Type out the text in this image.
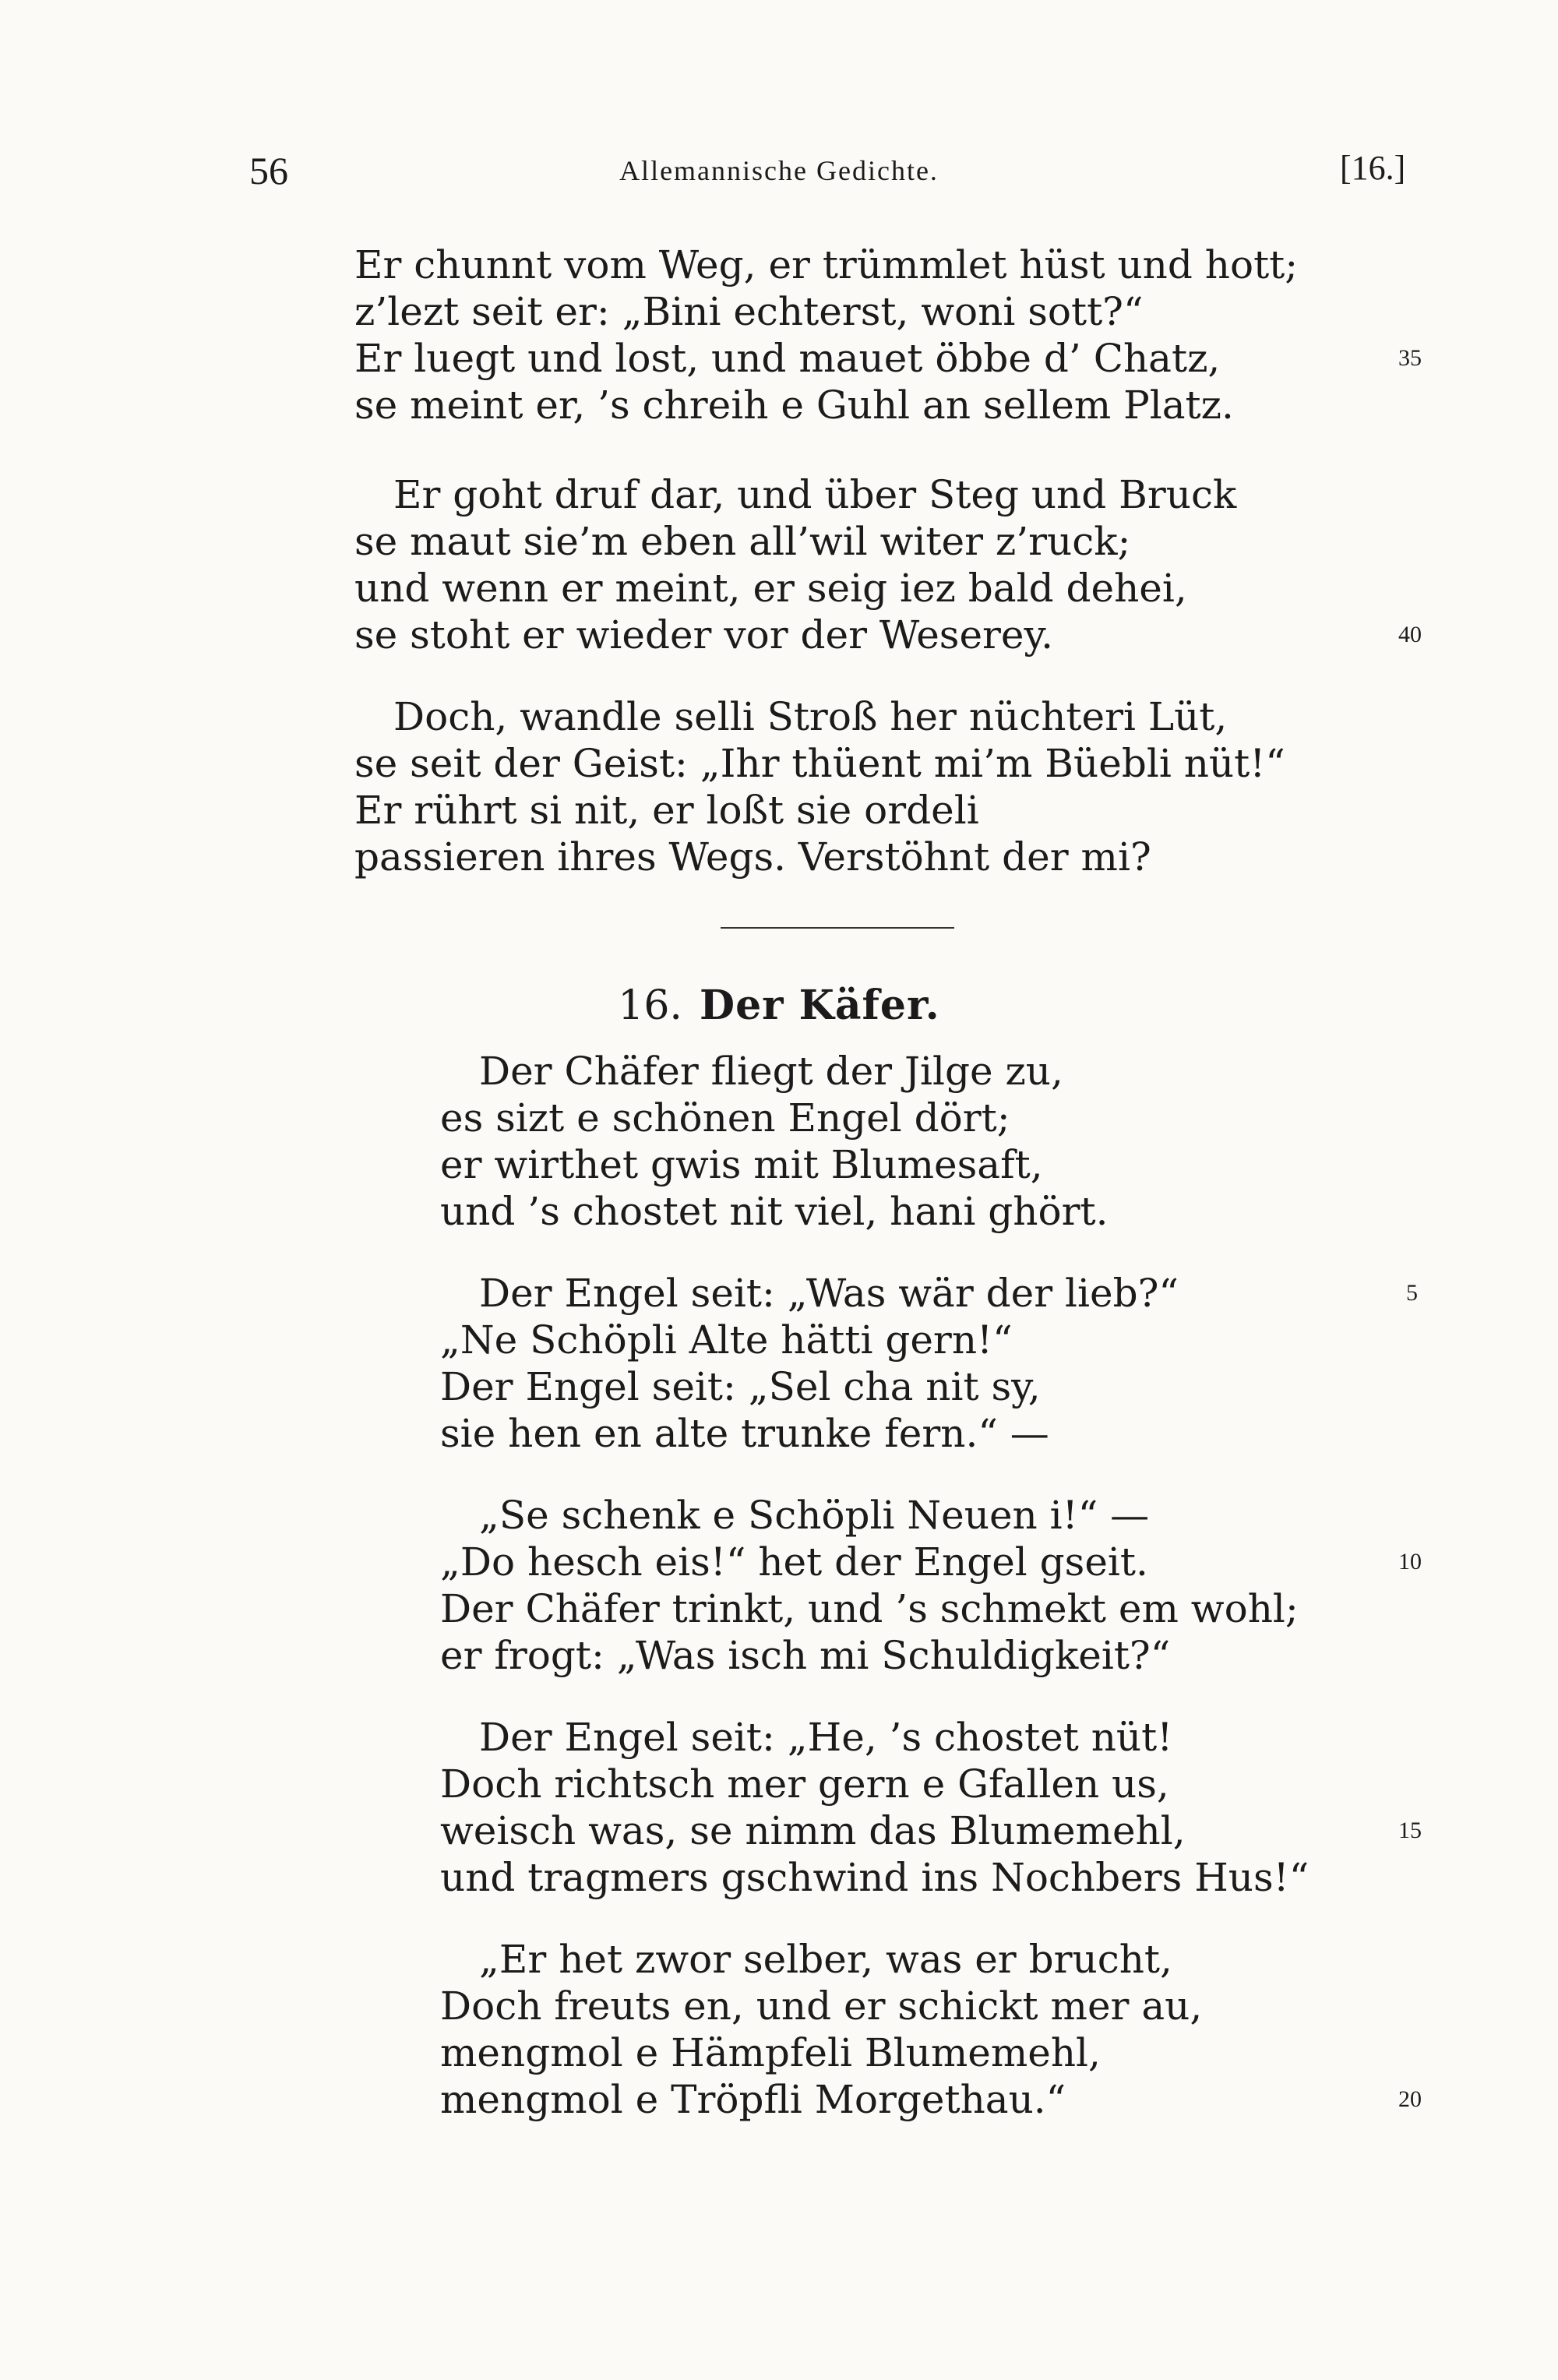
56	Allemannische Gedichte.	[16.]
Er chunnt vom Weg, er trümmlet hüst und hott;
z’lezt seit er: „Bini echterst, woni sott?“
Er luegt und lost, und mauet öbbe d’ Chatz,
se meint er, ’s chreih e Guhl an sellem Platz.
35
Er goht druf dar, und über Steg und Bruck
se maut sie’m eben all’wil witer z’ruck;
und wenn er meint, er seig iez bald dehei,
se stoht er wieder vor der Weserey.	40
Doch, wandle selli Stroß her nüchteri Lüt,
se seit der Geist: „Ihr thüent mi’m Büebli nüt!“
Er rührt si nit, er loßt sie ordeli
passieren ihres Wegs. Verstöhnt der mi?
16. Der Käfer.
Der Chäfer fliegt der Jilge zu,
es sizt e schönen Engel dört;
er wirthet gwis mit Blumesaft,
und ’s chostet nit viel, hani ghört.
Der Engel seit: „Was wär der lieb?“
„Ne Schöpli Alte hätti gern!“
Der Engel seit: „Sel cha nit sy,
sie hen en alte trunke fern.“ —
5
„Se schenk e Schöpli Neuen i!“ —
„Do hesch eis!“ het der Engel gseit.
Der Chäfer trinkt, und ’s schmekt em wohl;
er frogt: „Was isch mi Schuldigkeit?“
10
Der Engel seit: „He, ’s chostet nüt!
Doch richtsch mer gern e Gfallen us,
weisch was, se nimm das Blumemehl,
und tragmers gschwind ins Nochbers Hus!“
15
„Er het zwor selber, was er brucht,
Doch freuts en, und er schickt mer au,
mengmol e Hämpfeli Blumemehl,
mengmol e Tröpfli Morgethau.“	20
